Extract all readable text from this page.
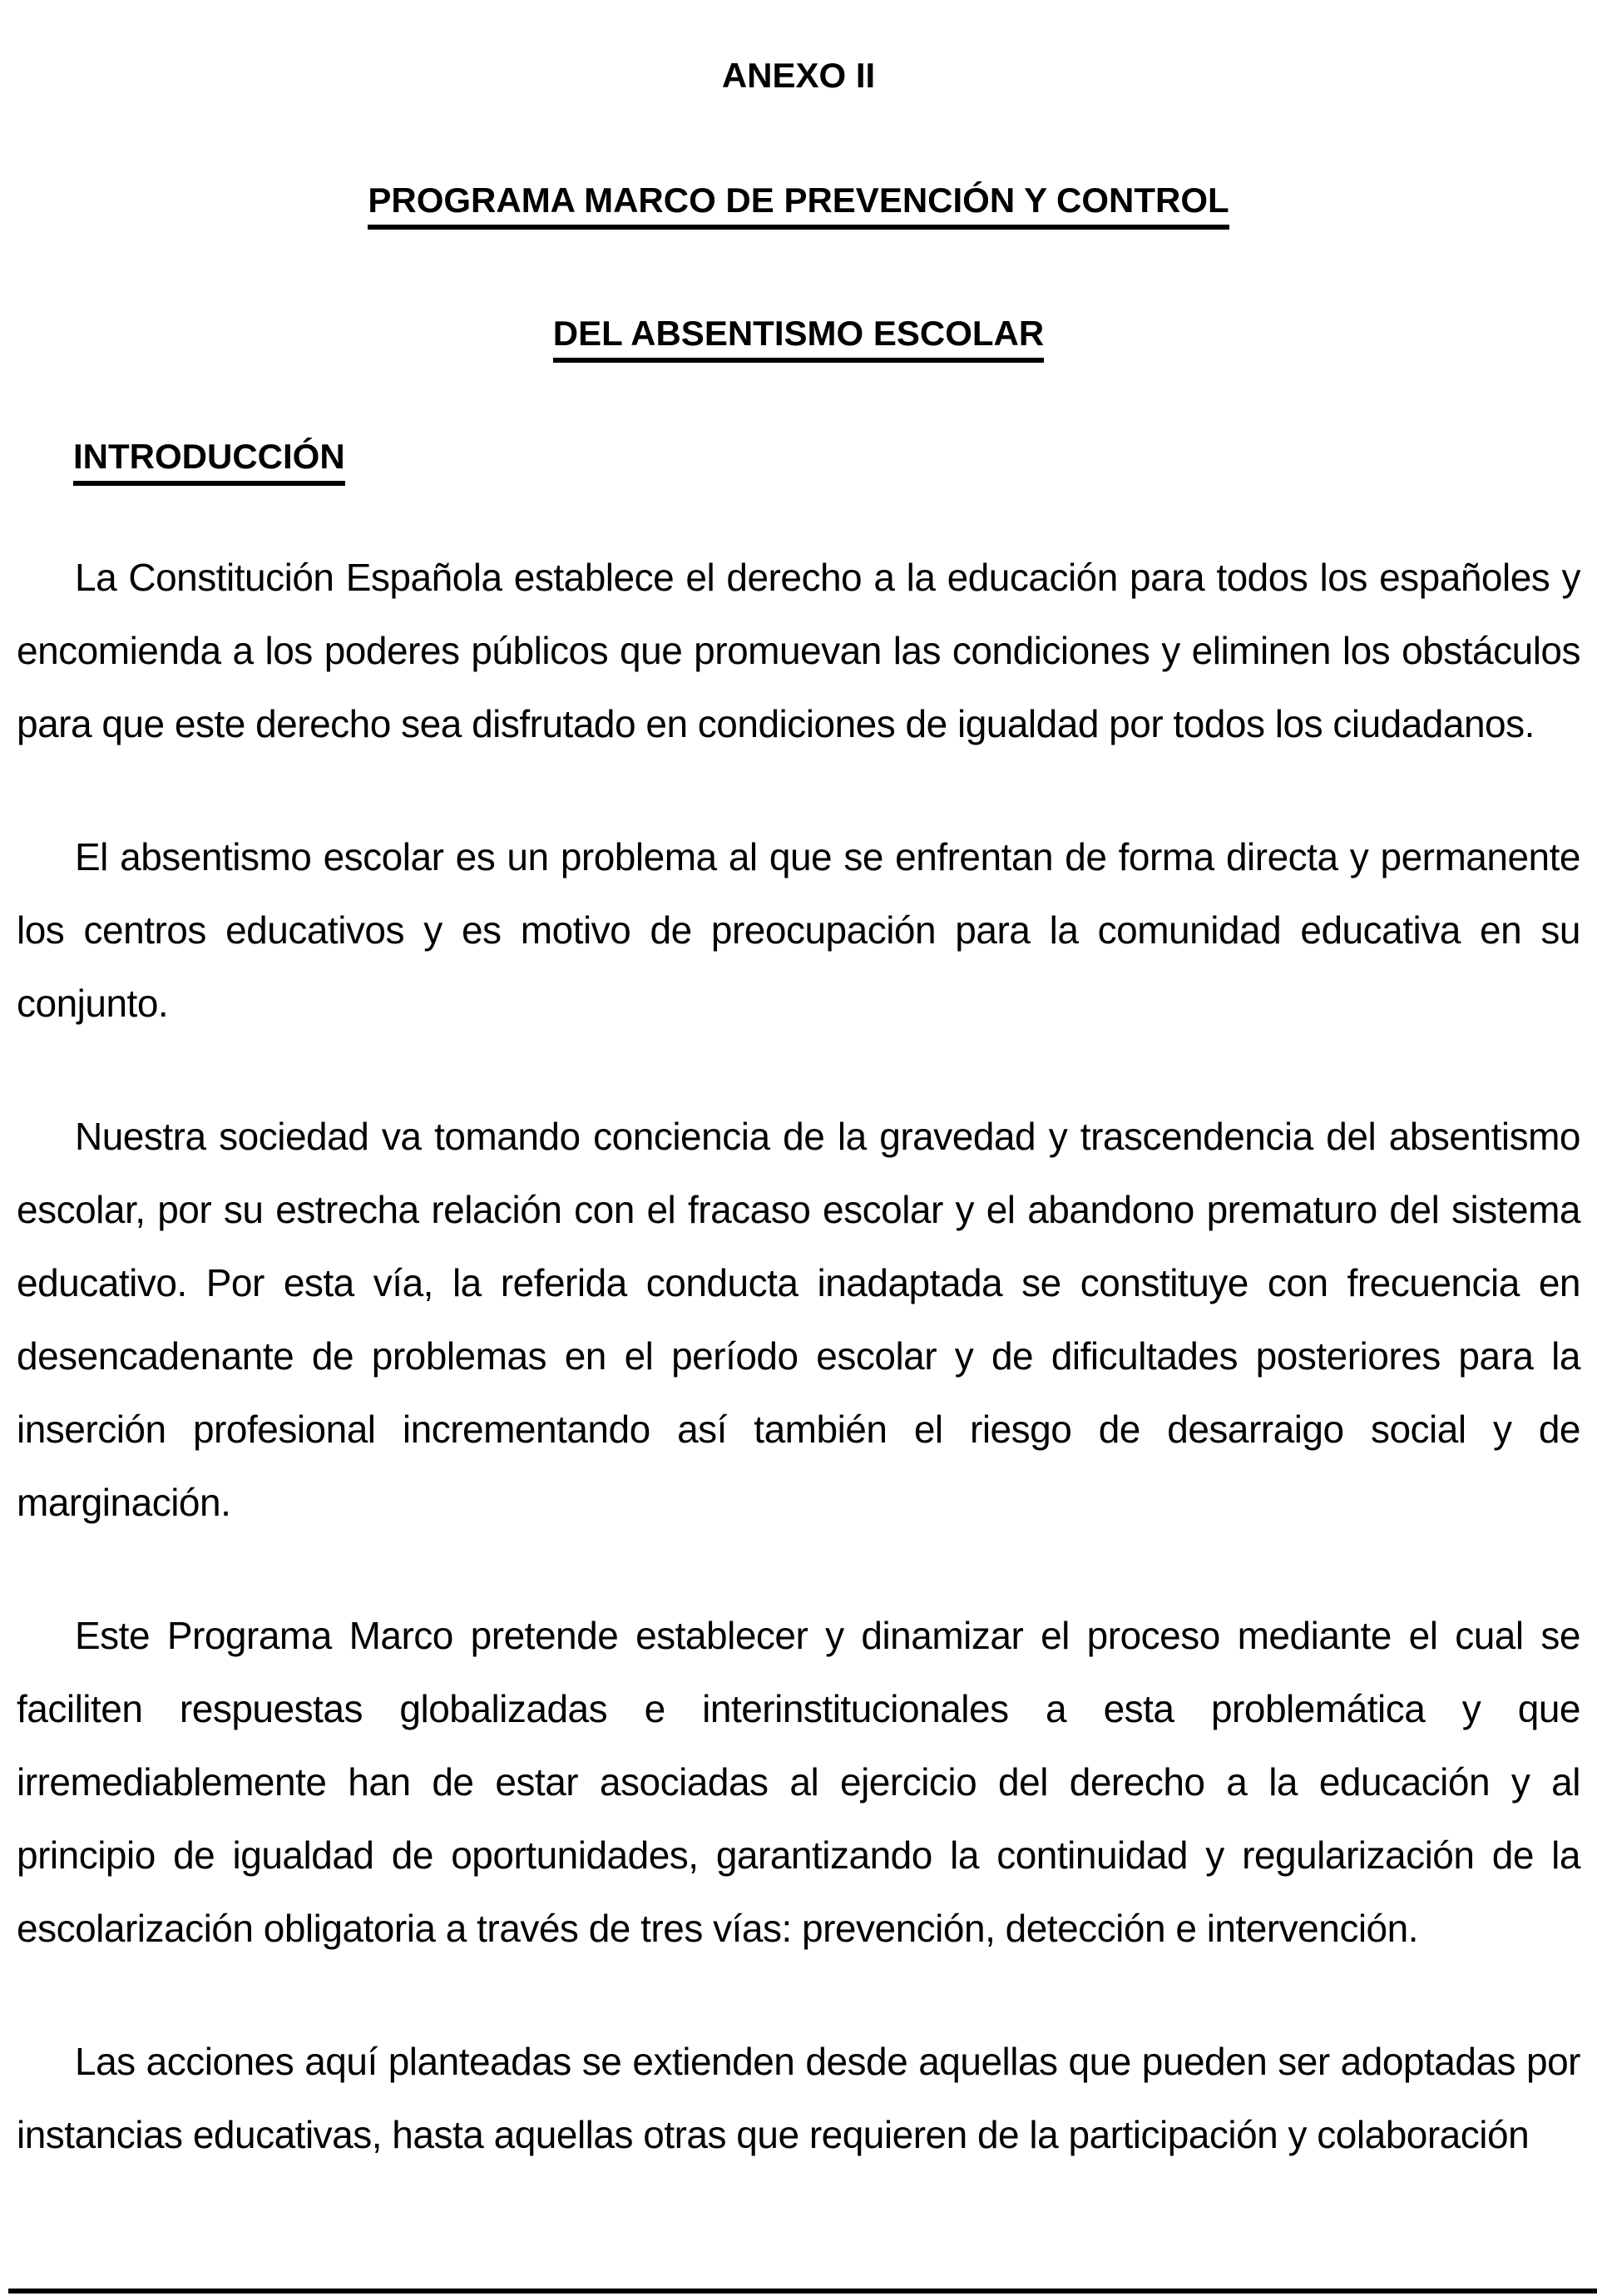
ANEXO II
PROGRAMA MARCO DE PREVENCIÓN Y CONTROL
DEL ABSENTISMO ESCOLAR
INTRODUCCIÓN

La Constitución Española establece el derecho a la educación para todos los españoles y encomienda a los poderes públicos que promuevan las condiciones y eliminen los obstáculos para que este derecho sea disfrutado en condiciones de igualdad por todos los ciudadanos.

El absentismo escolar es un problema al que se enfrentan de forma directa y permanente los centros educativos y es motivo de preocupación para la comunidad educativa en su conjunto.

Nuestra sociedad va tomando conciencia de la gravedad y trascendencia del absentismo escolar, por su estrecha relación con el fracaso escolar y el abandono prematuro del sistema educativo. Por esta vía, la referida conducta inadaptada se constituye con frecuencia en desencadenante de problemas en el período escolar y de dificultades posteriores para la inserción profesional incrementando así también el riesgo de desarraigo social y de marginación.

Este Programa Marco pretende establecer y dinamizar el proceso mediante el cual se faciliten respuestas globalizadas e interinstitucionales a esta problemática y que irremediablemente han de estar asociadas al ejercicio del derecho a la educación y al principio de igualdad de oportunidades, garantizando la continuidad y regularización de la escolarización obligatoria a través de tres vías: prevención, detección e intervención.

Las acciones aquí planteadas se extienden desde aquellas que pueden ser adoptadas por instancias educativas, hasta aquellas otras que requieren de la participación y colaboración
